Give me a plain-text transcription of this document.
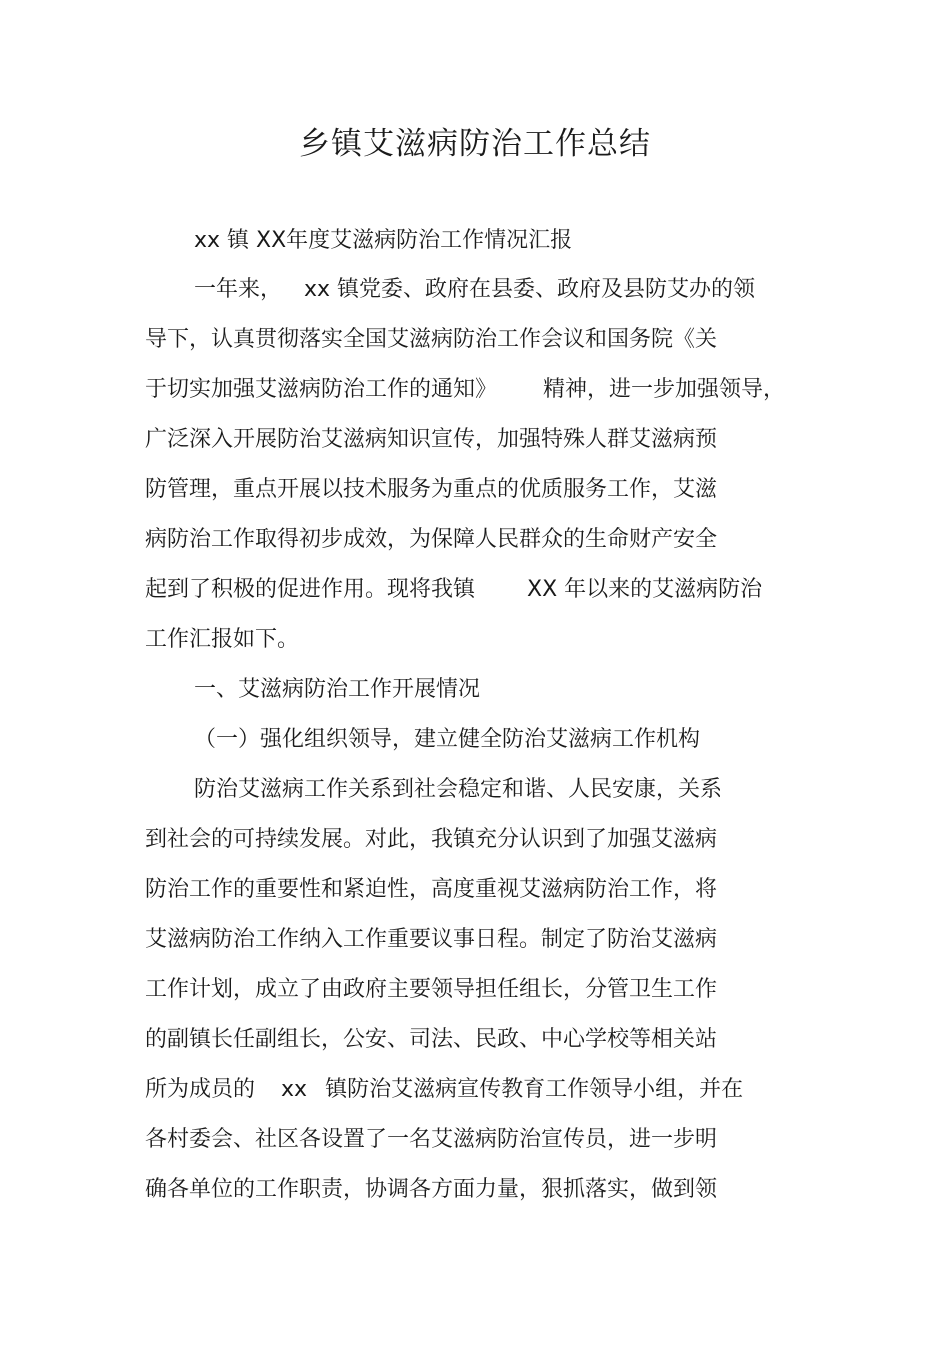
乡镇艾滋病防治工作总结
xx 镇 XX年度艾滋病防治工作情况汇报
一年来， xx 镇党委、政府在县委、政府及县防艾办的领
导下，认真贯彻落实全国艾滋病防治工作会议和国务院《关
于切实加强艾滋病防治工作的通知》 精神，进一步加强领导，
广泛深入开展防治艾滋病知识宣传，加强特殊人群艾滋病预
防管理，重点开展以技术服务为重点的优质服务工作，艾滋
病防治工作取得初步成效，为保障人民群众的生命财产安全
起到了积极的促进作用。现将我镇 XX 年以来的艾滋病防治
工作汇报如下。
一、艾滋病防治工作开展情况
（一）强化组织领导，建立健全防治艾滋病工作机构
防治艾滋病工作关系到社会稳定和谐、人民安康，关系
到社会的可持续发展。对此，我镇充分认识到了加强艾滋病
防治工作的重要性和紧迫性，高度重视艾滋病防治工作，将
艾滋病防治工作纳入工作重要议事日程。制定了防治艾滋病
工作计划，成立了由政府主要领导担任组长，分管卫生工作
的副镇长任副组长，公安、司法、民政、中心学校等相关站
所为成员的 xx 镇防治艾滋病宣传教育工作领导小组，并在
各村委会、社区各设置了一名艾滋病防治宣传员，进一步明
确各单位的工作职责，协调各方面力量，狠抓落实，做到领
